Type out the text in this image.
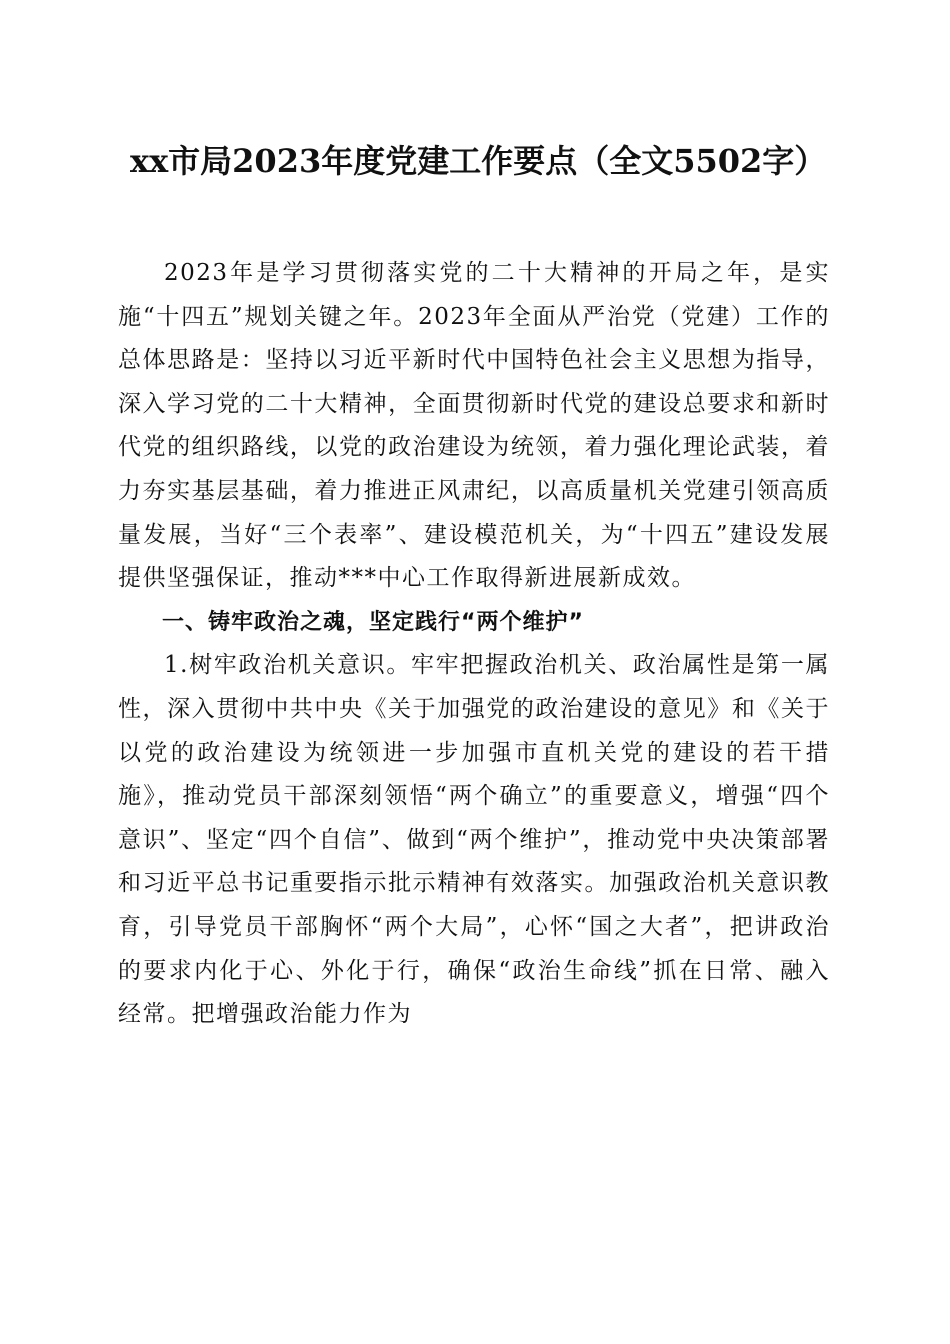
xx市局2023年度党建工作要点（全文5502字）

2023年是学习贯彻落实党的二十大精神的开局之年，是实施“十四五”规划关键之年。2023年全面从严治党（党建）工作的总体思路是：坚持以习近平新时代中国特色社会主义思想为指导，深入学习党的二十大精神，全面贯彻新时代党的建设总要求和新时代党的组织路线，以党的政治建设为统领，着力强化理论武装，着力夯实基层基础，着力推进正风肃纪，以高质量机关党建引领高质量发展，当好“三个表率”、建设模范机关，为“十四五”建设发展提供坚强保证，推动***中心工作取得新进展新成效。

一、铸牢政治之魂，坚定践行“两个维护”

1.树牢政治机关意识。牢牢把握政治机关、政治属性是第一属性，深入贯彻中共中央《关于加强党的政治建设的意见》和《关于以党的政治建设为统领进一步加强市直机关党的建设的若干措施》，推动党员干部深刻领悟“两个确立”的重要意义，增强“四个意识”、坚定“四个自信”、做到“两个维护”，推动党中央决策部署和习近平总书记重要指示批示精神有效落实。加强政治机关意识教育，引导党员干部胸怀“两个大局”，心怀“国之大者”，把讲政治的要求内化于心、外化于行，确保“政治生命线”抓在日常、融入经常。把增强政治能力作为
